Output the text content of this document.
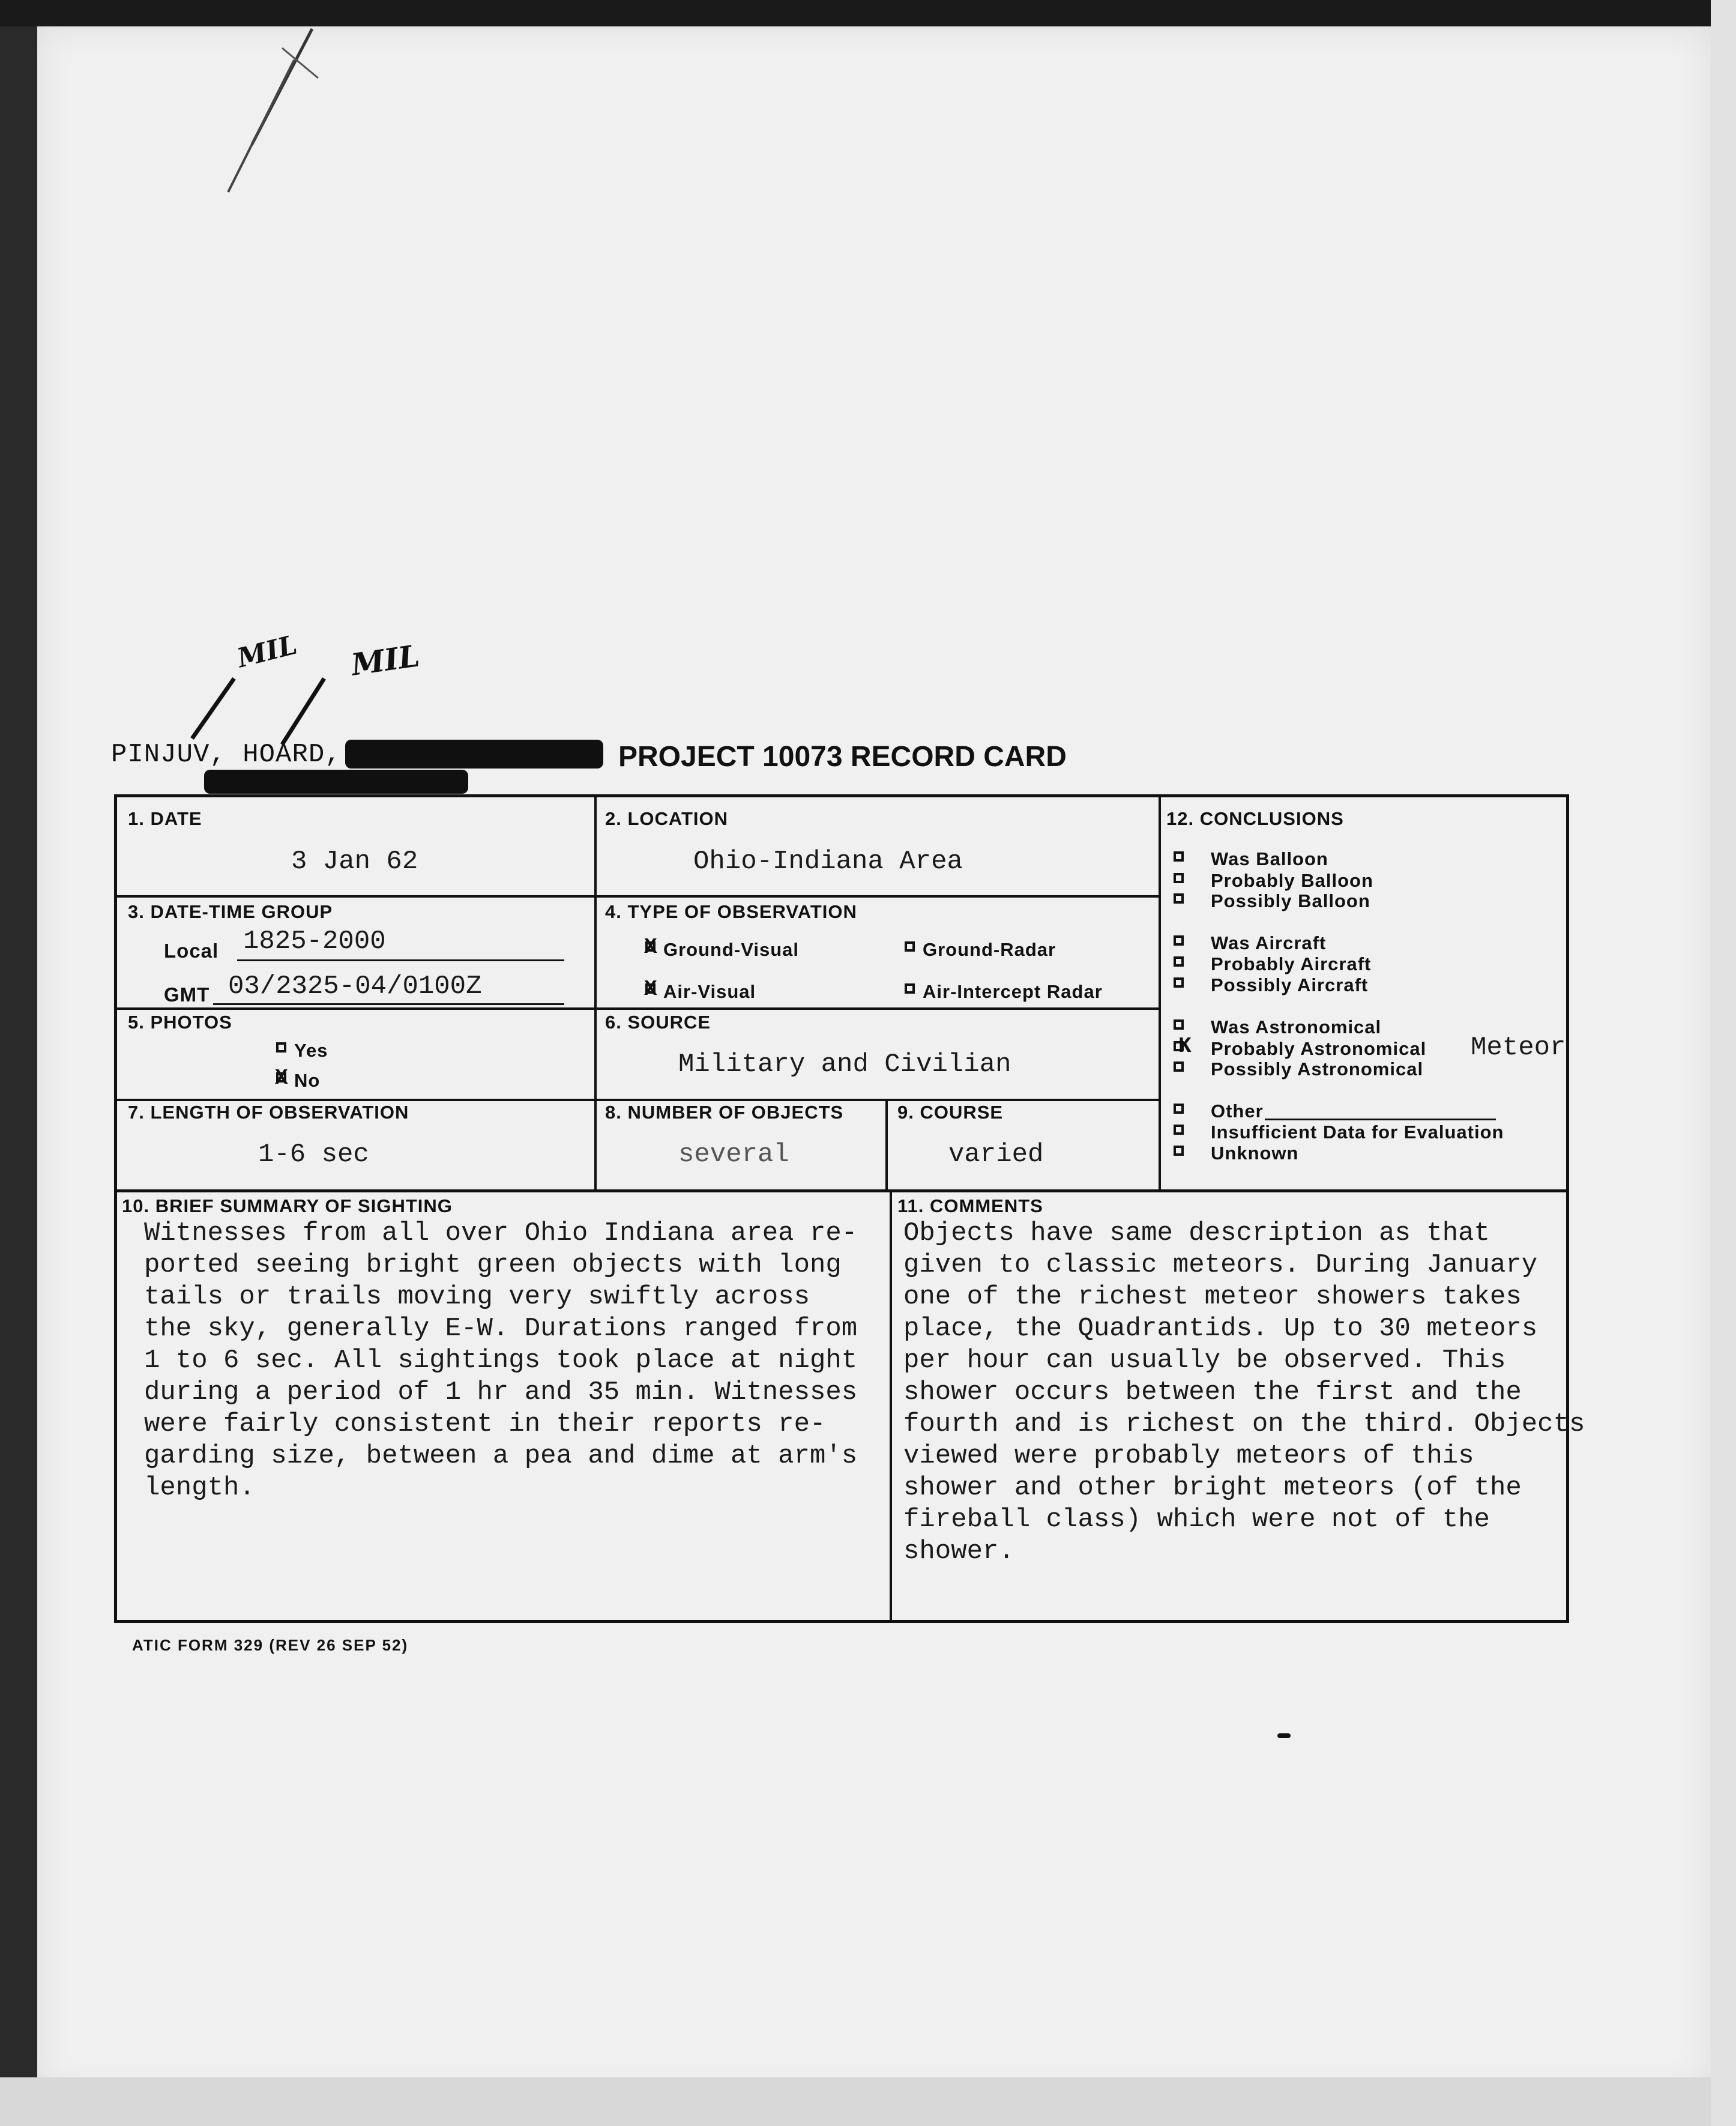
MIL MIL
PINJUV, HOARD,	PROJECT 10073 RECORD CARD
1. DATE
3 Jan 62
2. LOCATION
Ohio-Indiana Area
3. DATE-TIME GROUP
Local 1825-2000
GMT 03/2325-04/0100Z
4. TYPE OF OBSERVATION
X Ground-Visual	Ground-Radar
X Air-Visual	Air-Intercept Radar
5. PHOTOS
Yes
X No
6. SOURCE
Military and Civilian
7. LENGTH OF OBSERVATION
1-6 sec
8. NUMBER OF OBJECTS
several
9. COURSE
varied
12. CONCLUSIONS
Was Balloon
Probably Balloon
Possibly Balloon
Was Aircraft
Probably Aircraft
Possibly Aircraft
Was Astronomical
K Probably Astronomical Meteor
Possibly Astronomical
Other
Insufficient Data for Evaluation
Unknown
10. BRIEF SUMMARY OF SIGHTING
Witnesses from all over Ohio Indiana area re-
ported seeing bright green objects with long
tails or trails moving very swiftly across
the sky, generally E-W. Durations ranged from
1 to 6 sec. All sightings took place at night
during a period of 1 hr and 35 min. Witnesses
were fairly consistent in their reports re-
garding size, between a pea and dime at arm's
length.
11. COMMENTS
Objects have same description as that
given to classic meteors. During January
one of the richest meteor showers takes
place, the Quadrantids. Up to 30 meteors
per hour can usually be observed. This
shower occurs between the first and the
fourth and is richest on the third. Objects
viewed were probably meteors of this
shower and other bright meteors (of the
fireball class) which were not of the
shower.
ATIC FORM 329 (REV 26 SEP 52)
